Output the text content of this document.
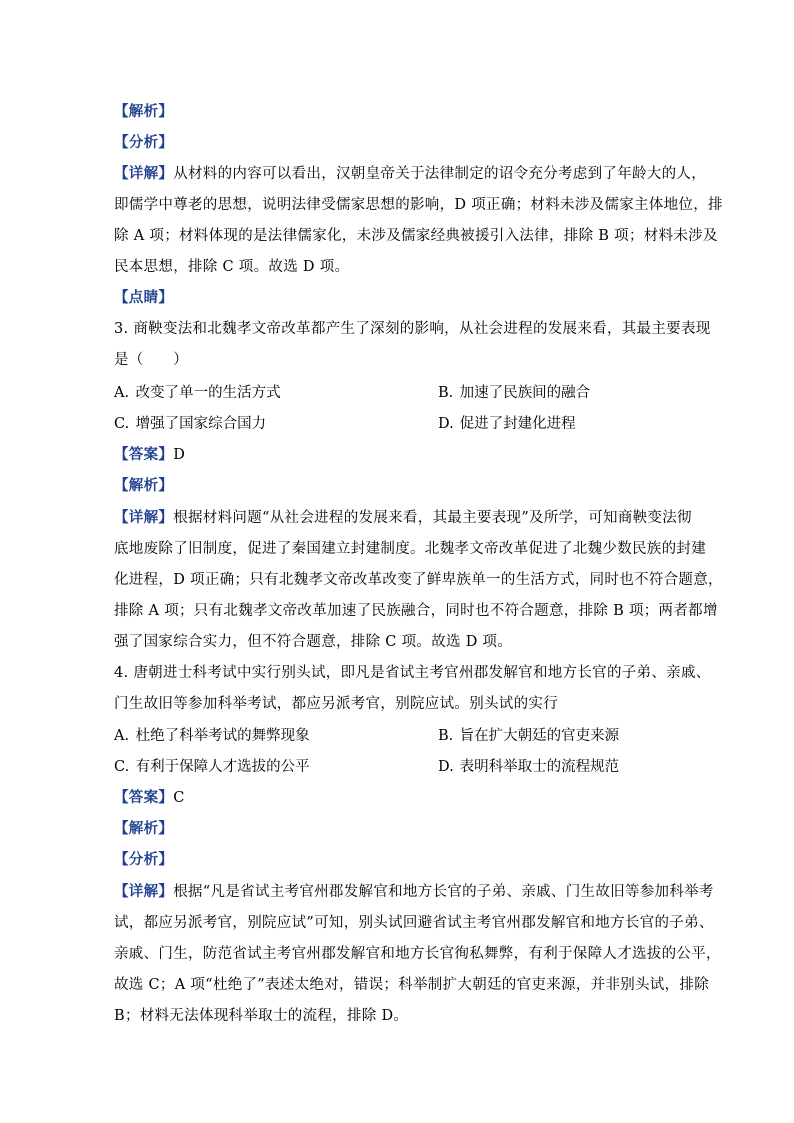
【解析】
【分析】
【详解】从材料的内容可以看出，汉朝皇帝关于法律制定的诏令充分考虑到了年龄大的人，
即儒学中尊老的思想，说明法律受儒家思想的影响，D 项正确；材料未涉及儒家主体地位，排
除 A 项；材料体现的是法律儒家化，未涉及儒家经典被援引入法律，排除 B 项；材料未涉及
民本思想，排除 C 项。故选 D 项。
【点睛】
3. 商鞅变法和北魏孝文帝改革都产生了深刻的影响，从社会进程的发展来看，其最主要表现
是（　　）
A. 改变了单一的生活方式	B. 加速了民族间的融合
C. 增强了国家综合国力	D. 促进了封建化进程
【答案】D
【解析】
【详解】根据材料问题“从社会进程的发展来看，其最主要表现”及所学，可知商鞅变法彻
底地废除了旧制度，促进了秦国建立封建制度。北魏孝文帝改革促进了北魏少数民族的封建
化进程，D 项正确；只有北魏孝文帝改革改变了鲜卑族单一的生活方式，同时也不符合题意，
排除 A 项；只有北魏孝文帝改革加速了民族融合，同时也不符合题意，排除 B 项；两者都增
强了国家综合实力，但不符合题意，排除 C 项。故选 D 项。
4. 唐朝进士科考试中实行别头试，即凡是省试主考官州郡发解官和地方长官的子弟、亲戚、
门生故旧等参加科举考试，都应另派考官，别院应试。别头试的实行
A. 杜绝了科举考试的舞弊现象	B. 旨在扩大朝廷的官吏来源
C. 有利于保障人才选拔的公平	D. 表明科举取士的流程规范
【答案】C
【解析】
【分析】
【详解】根据“凡是省试主考官州郡发解官和地方长官的子弟、亲戚、门生故旧等参加科举考
试，都应另派考官，别院应试”可知，别头试回避省试主考官州郡发解官和地方长官的子弟、
亲戚、门生，防范省试主考官州郡发解官和地方长官徇私舞弊，有利于保障人才选拔的公平，
故选 C；A 项“杜绝了”表述太绝对，错误；科举制扩大朝廷的官吏来源，并非别头试，排除
B；材料无法体现科举取士的流程，排除 D。
